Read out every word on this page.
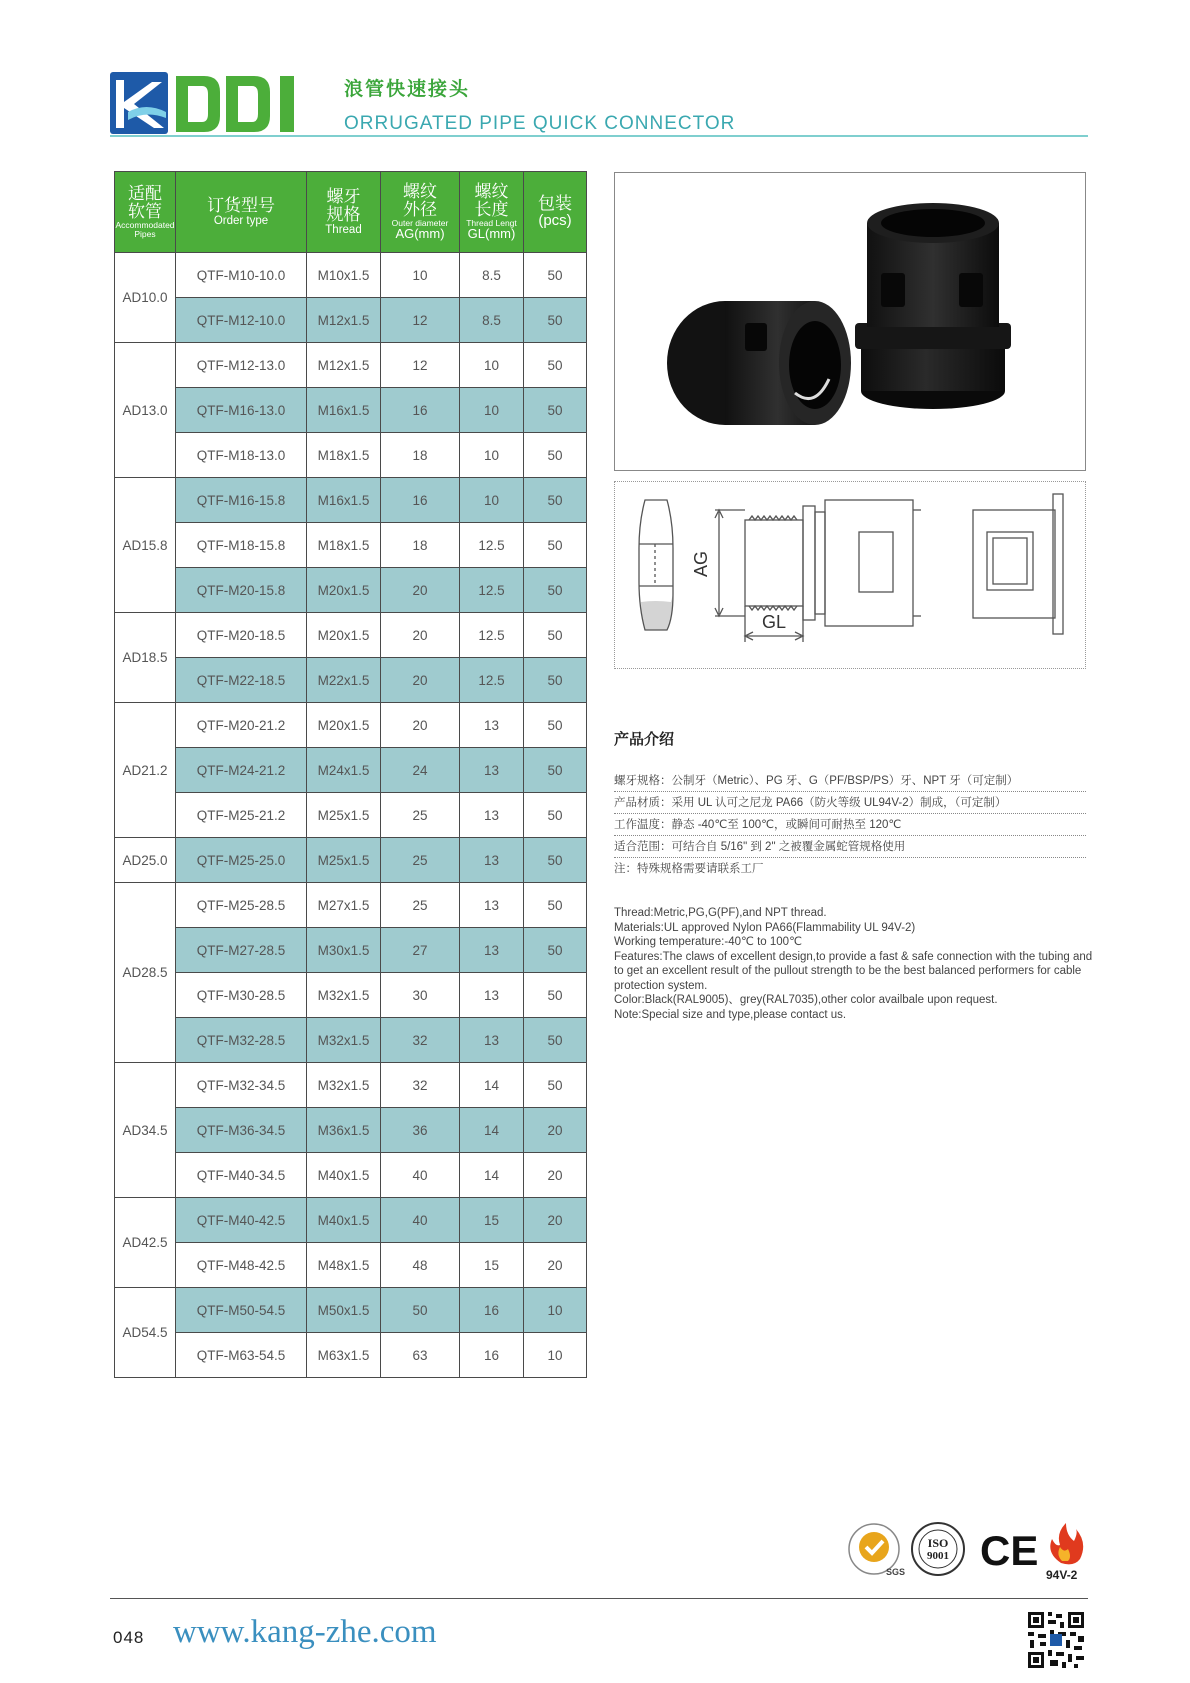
浪管快速接头
ORRUGATED PIPE QUICK CONNECTOR
适配
软管
Accommodated Pipes	订货型号
Order type	螺牙
规格
Thread	螺纹
外径
Outer diameter
AG(mm)	螺纹
长度
Thread Lengt
GL(mm)	包装
(pcs)

AD10.0	QTF-M10-10.0	M10x1.5	10	8.5	50
	QTF-M12-10.0	M12x1.5	12	8.5	50
AD13.0	QTF-M12-13.0	M12x1.5	12	10	50
	QTF-M16-13.0	M16x1.5	16	10	50
	QTF-M18-13.0	M18x1.5	18	10	50
AD15.8	QTF-M16-15.8	M16x1.5	16	10	50
	QTF-M18-15.8	M18x1.5	18	12.5	50
	QTF-M20-15.8	M20x1.5	20	12.5	50
AD18.5	QTF-M20-18.5	M20x1.5	20	12.5	50
	QTF-M22-18.5	M22x1.5	20	12.5	50
AD21.2	QTF-M20-21.2	M20x1.5	20	13	50
	QTF-M24-21.2	M24x1.5	24	13	50
	QTF-M25-21.2	M25x1.5	25	13	50
AD25.0	QTF-M25-25.0	M25x1.5	25	13	50
AD28.5	QTF-M25-28.5	M27x1.5	25	13	50
	QTF-M27-28.5	M30x1.5	27	13	50
	QTF-M30-28.5	M32x1.5	30	13	50
	QTF-M32-28.5	M32x1.5	32	13	50
AD34.5	QTF-M32-34.5	M32x1.5	32	14	50
	QTF-M36-34.5	M36x1.5	36	14	20
	QTF-M40-34.5	M40x1.5	40	14	20
AD42.5	QTF-M40-42.5	M40x1.5	40	15	20
	QTF-M48-42.5	M48x1.5	48	15	20
AD54.5	QTF-M50-54.5	M50x1.5	50	16	10
	QTF-M63-54.5	M63x1.5	63	16	10
AG
GL
产品介绍
螺牙规格：公制牙（Metric）、PG 牙、G（PF/BSP/PS）牙、NPT 牙（可定制）
产品材质：采用 UL 认可之尼龙 PA66（防火等级 UL94V-2）制成，（可定制）
工作温度：静态 -40℃至 100℃，或瞬间可耐热至 120℃
适合范围：可结合自 5/16" 到 2" 之被覆金属蛇管规格使用
注：特殊规格需要请联系工厂
Thread:Metric,PG,G(PF),and NPT thread.
Materials:UL approved Nylon PA66(Flammability UL 94V-2)
Working temperature:-40℃ to 100℃
Features:The claws of excellent design,to provide a fast & safe connection with the tubing and to get an excellent result of the pullout strength to be the best balanced performers for cable protection system.
Color:Black(RAL9005)、grey(RAL7035),other color availbale upon request.
Note:Special size and type,please contact us.
SGS
ISO
9001 CE
94V-2
048 www.kang-zhe.com
